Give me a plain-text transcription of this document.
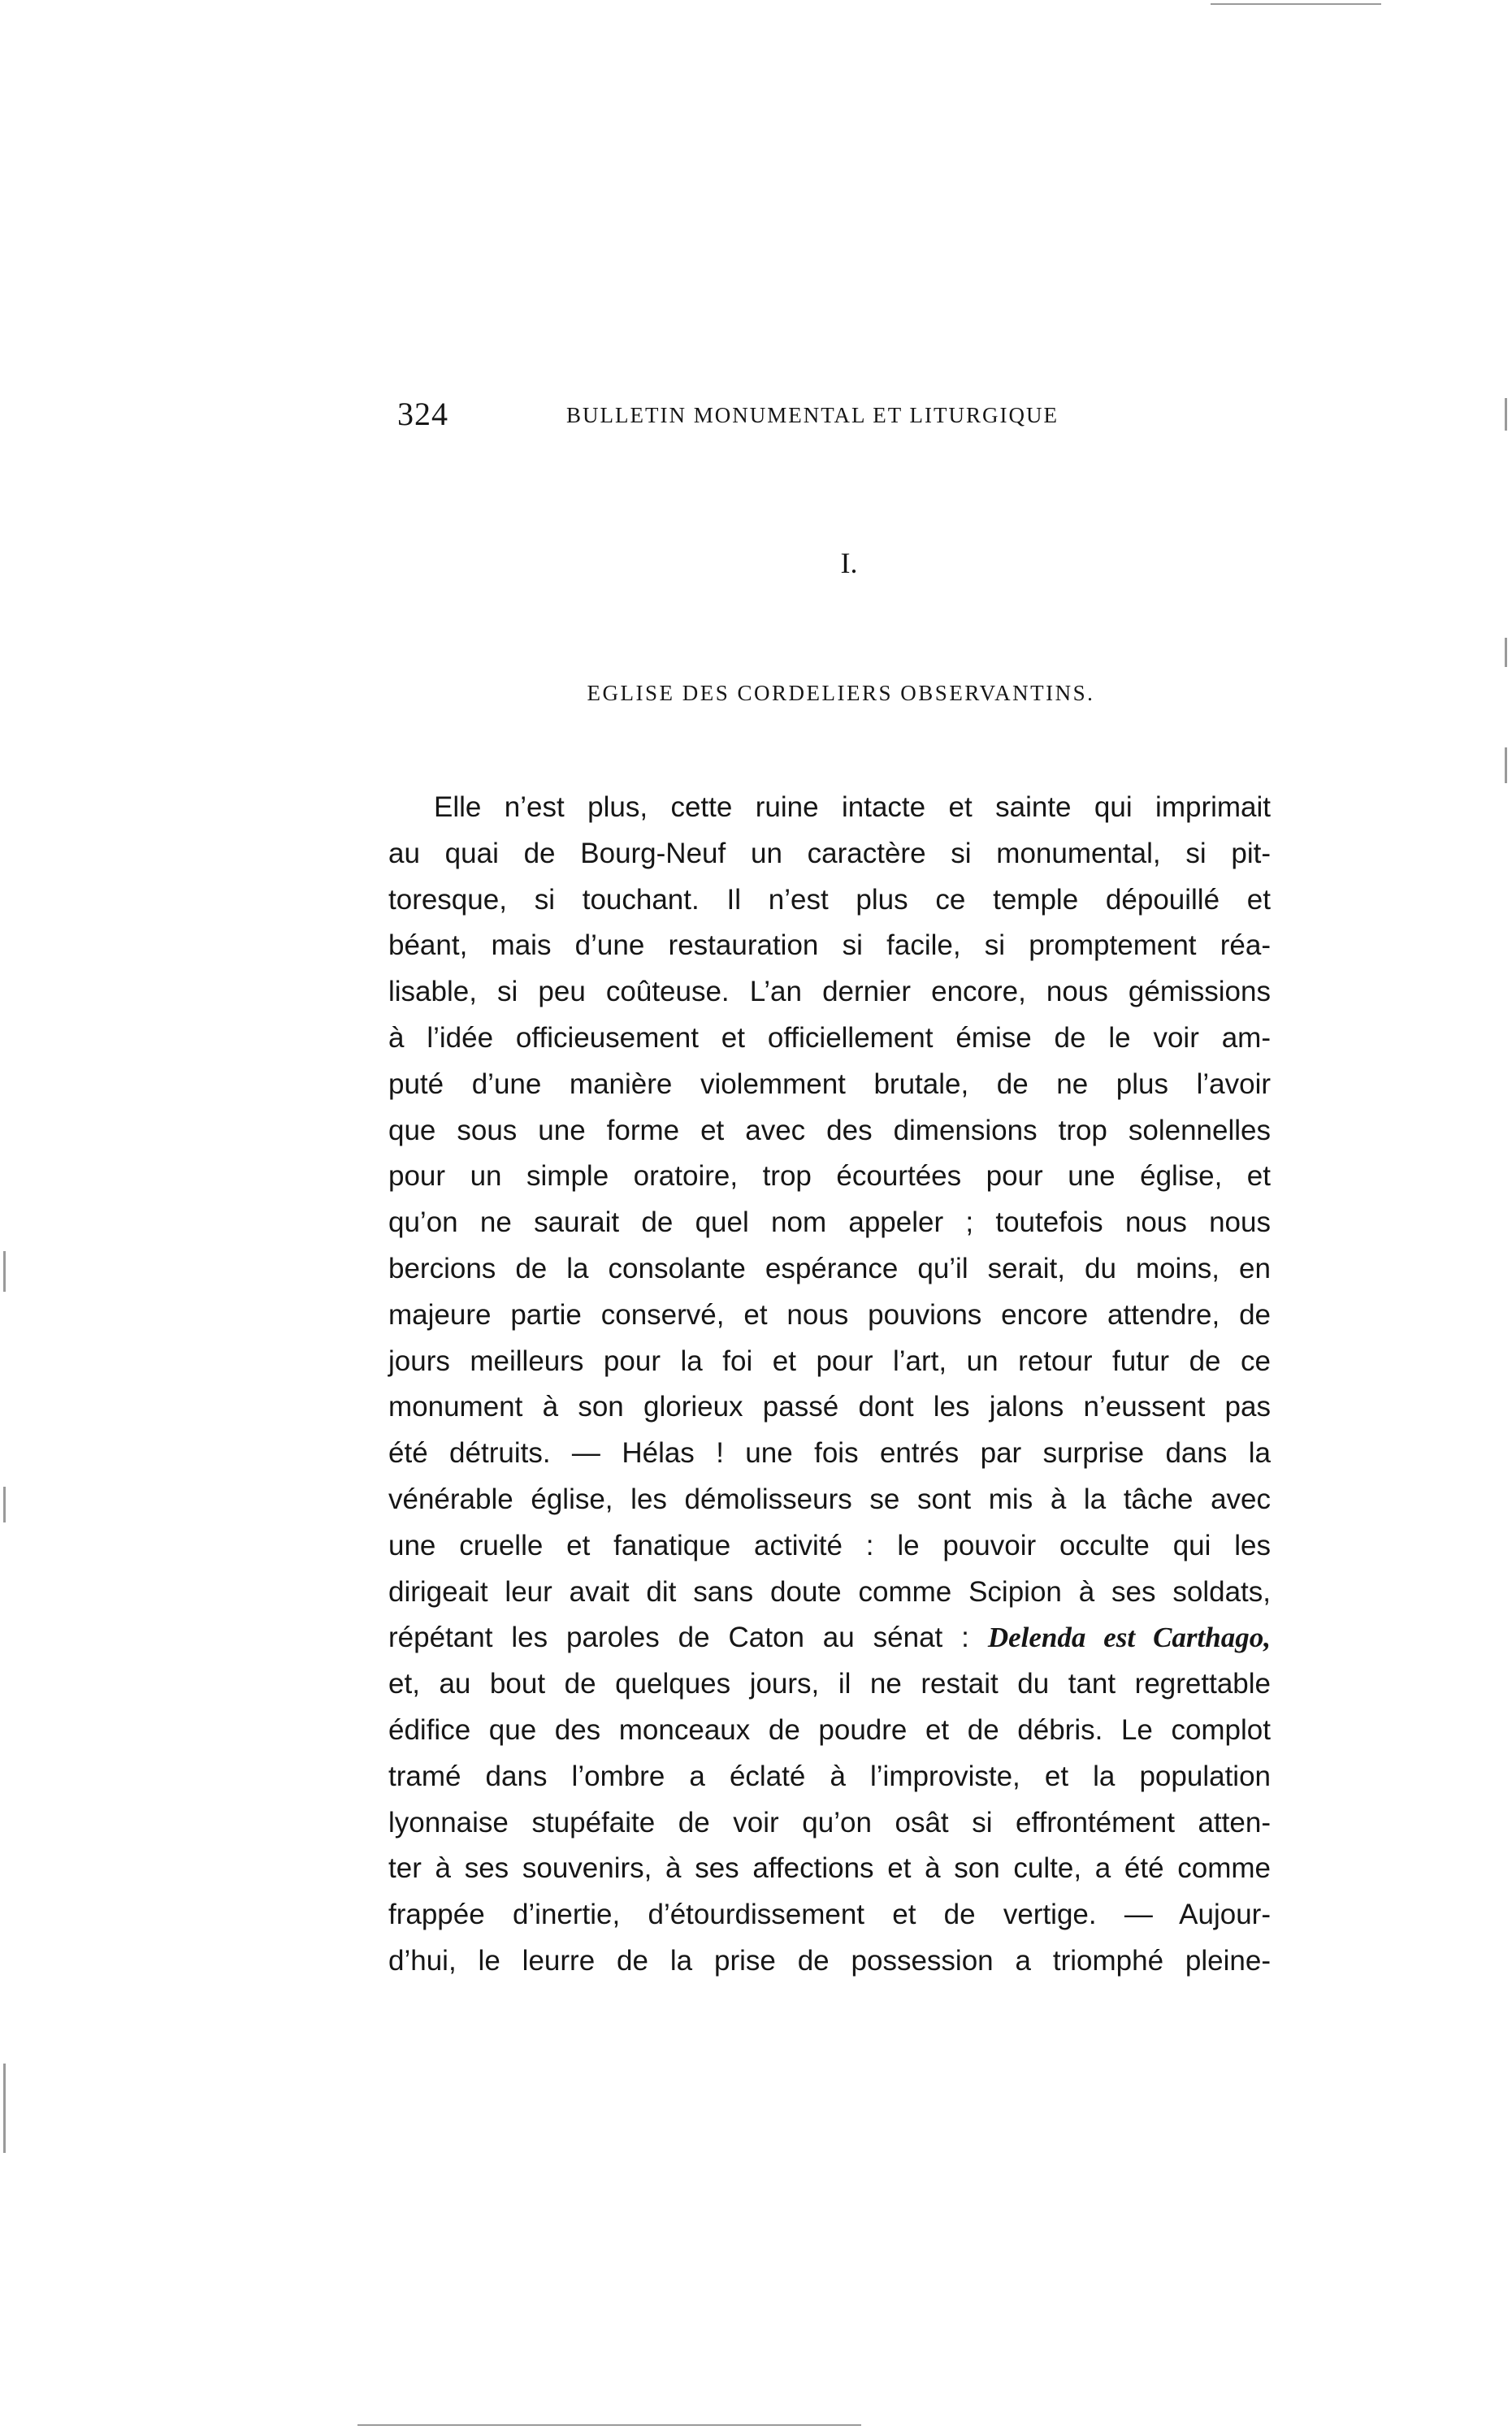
324	BULLETIN MONUMENTAL ET LITURGIQUE
I.
EGLISE DES CORDELIERS OBSERVANTINS.
Elle n’est plus, cette ruine intacte et sainte qui imprimait
au quai de Bourg-Neuf un caractère si monumental, si pit-
toresque, si touchant. Il n’est plus ce temple dépouillé et
béant, mais d’une restauration si facile, si promptement réa-
lisable, si peu coûteuse. L’an dernier encore, nous gémissions
à l’idée officieusement et officiellement émise de le voir am-
puté d’une manière violemment brutale, de ne plus l’avoir
que sous une forme et avec des dimensions trop solennelles
pour un simple oratoire, trop écourtées pour une église, et
qu’on ne saurait de quel nom appeler ; toutefois nous nous
bercions de la consolante espérance qu’il serait, du moins, en
majeure partie conservé, et nous pouvions encore attendre, de
jours meilleurs pour la foi et pour l’art, un retour futur de ce
monument à son glorieux passé dont les jalons n’eussent pas
été détruits. — Hélas ! une fois entrés par surprise dans la
vénérable église, les démolisseurs se sont mis à la tâche avec
une cruelle et fanatique activité : le pouvoir occulte qui les
dirigeait leur avait dit sans doute comme Scipion à ses soldats,
répétant les paroles de Caton au sénat : Delenda est Carthago,
et, au bout de quelques jours, il ne restait du tant regrettable
édifice que des monceaux de poudre et de débris. Le complot
tramé dans l’ombre a éclaté à l’improviste, et la population
lyonnaise stupéfaite de voir qu’on osât si effrontément atten-
ter à ses souvenirs, à ses affections et à son culte, a été comme
frappée d’inertie, d’étourdissement et de vertige. — Aujour-
d’hui, le leurre de la prise de possession a triomphé pleine-
